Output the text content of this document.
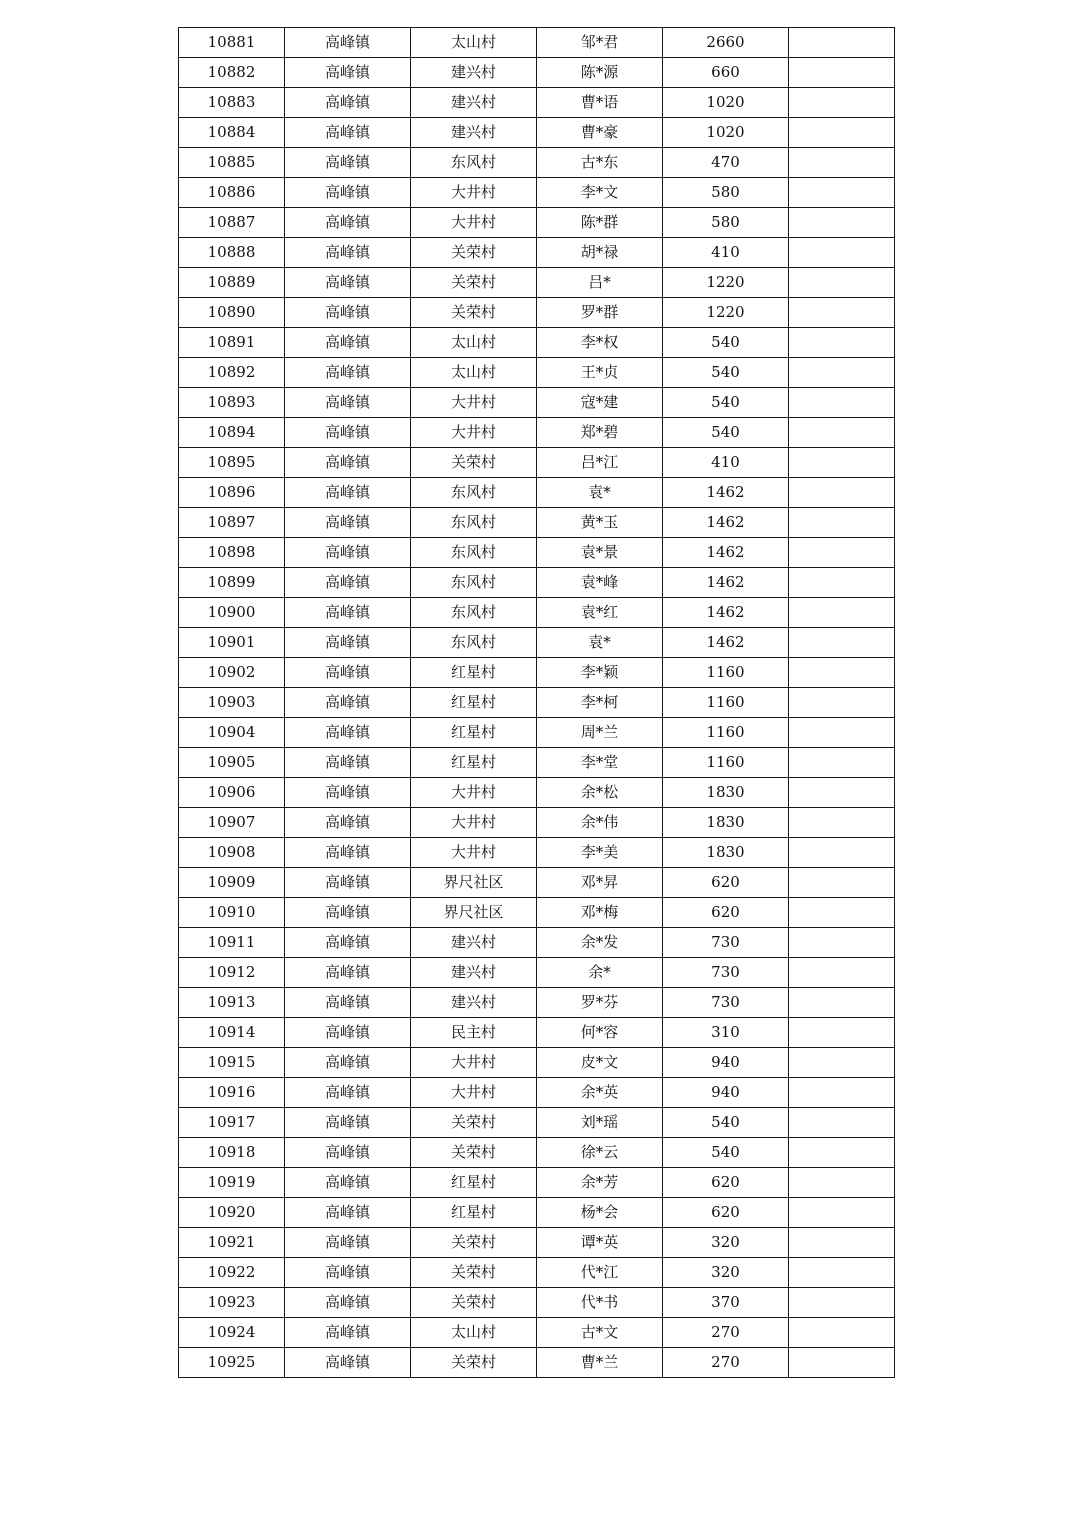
10881	高峰镇	太山村	邹*君	2660	
10882	高峰镇	建兴村	陈*源	660	
10883	高峰镇	建兴村	曹*语	1020	
10884	高峰镇	建兴村	曹*豪	1020	
10885	高峰镇	东风村	古*东	470	
10886	高峰镇	大井村	李*文	580	
10887	高峰镇	大井村	陈*群	580	
10888	高峰镇	关荣村	胡*禄	410	
10889	高峰镇	关荣村	吕*	1220	
10890	高峰镇	关荣村	罗*群	1220	
10891	高峰镇	太山村	李*权	540	
10892	高峰镇	太山村	王*贞	540	
10893	高峰镇	大井村	寇*建	540	
10894	高峰镇	大井村	郑*碧	540	
10895	高峰镇	关荣村	吕*江	410	
10896	高峰镇	东风村	袁*	1462	
10897	高峰镇	东风村	黄*玉	1462	
10898	高峰镇	东风村	袁*景	1462	
10899	高峰镇	东风村	袁*峰	1462	
10900	高峰镇	东风村	袁*红	1462	
10901	高峰镇	东风村	袁*	1462	
10902	高峰镇	红星村	李*颖	1160	
10903	高峰镇	红星村	李*柯	1160	
10904	高峰镇	红星村	周*兰	1160	
10905	高峰镇	红星村	李*堂	1160	
10906	高峰镇	大井村	余*松	1830	
10907	高峰镇	大井村	余*伟	1830	
10908	高峰镇	大井村	李*美	1830	
10909	高峰镇	界尺社区	邓*昇	620	
10910	高峰镇	界尺社区	邓*梅	620	
10911	高峰镇	建兴村	余*发	730	
10912	高峰镇	建兴村	余*	730	
10913	高峰镇	建兴村	罗*芬	730	
10914	高峰镇	民主村	何*容	310	
10915	高峰镇	大井村	皮*文	940	
10916	高峰镇	大井村	余*英	940	
10917	高峰镇	关荣村	刘*瑶	540	
10918	高峰镇	关荣村	徐*云	540	
10919	高峰镇	红星村	余*芳	620	
10920	高峰镇	红星村	杨*会	620	
10921	高峰镇	关荣村	谭*英	320	
10922	高峰镇	关荣村	代*江	320	
10923	高峰镇	关荣村	代*书	370	
10924	高峰镇	太山村	古*文	270	
10925	高峰镇	关荣村	曹*兰	270	
